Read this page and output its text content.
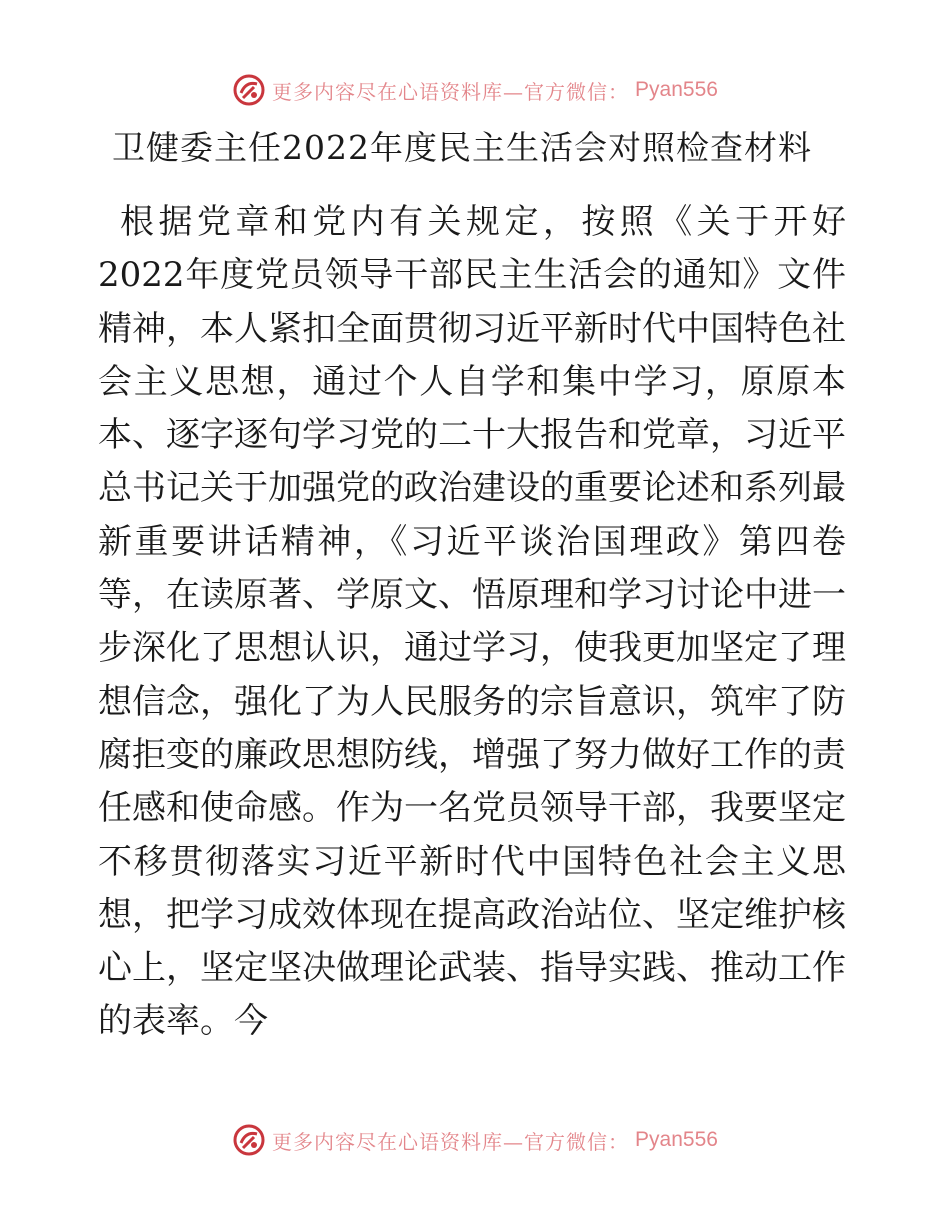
更多内容尽在心语资料库—官方微信： Pyan556
卫健委主任2022年度民主生活会对照检查材料

根据党章和党内有关规定，按照《关于开好2022年度党员领导干部民主生活会的通知》文件精神，本人紧扣全面贯彻习近平新时代中国特色社会主义思想，通过个人自学和集中学习，原原本本、逐字逐句学习党的二十大报告和党章，习近平总书记关于加强党的政治建设的重要论述和系列最新重要讲话精神，《习近平谈治国理政》第四卷等，在读原著、学原文、悟原理和学习讨论中进一步深化了思想认识，通过学习，使我更加坚定了理想信念，强化了为人民服务的宗旨意识，筑牢了防腐拒变的廉政思想防线，增强了努力做好工作的责任感和使命感。作为一名党员领导干部，我要坚定不移贯彻落实习近平新时代中国特色社会主义思想，把学习成效体现在提高政治站位、坚定维护核心上，坚定坚决做理论武装、指导实践、推动工作的表率。今

更多内容尽在心语资料库—官方微信： Pyan556
